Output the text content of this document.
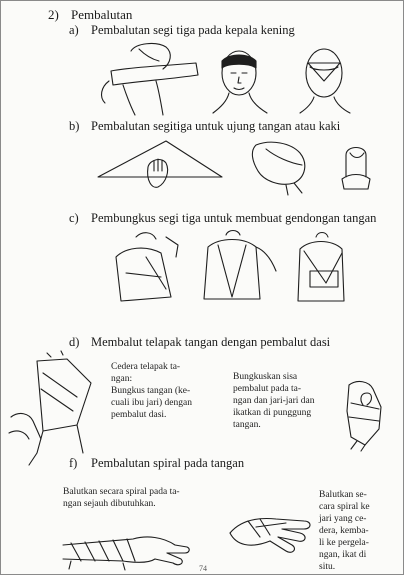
2) Pembalutan
a) Pembalutan segi tiga pada kepala kening
b) Pembalutan segitiga untuk ujung tangan atau kaki
c) Pembungkus segi tiga untuk membuat gendongan tangan
d) Membalut telapak tangan dengan pembalut dasi
Cedera telapak ta-
ngan:
Bungkus tangan (ke-
cuali ibu jari) dengan
pembalut dasi.
Bungkuskan sisa
pembalut pada ta-
ngan dan jari-jari dan
ikatkan di punggung
tangan.
f) Pembalutan spiral pada tangan
Balutkan secara spiral pada ta-
ngan sejauh dibutuhkan.
Balutkan se-
cara spiral ke
jari yang ce-
dera, kemba-
li ke pergela-
ngan, ikat di
situ.
74
